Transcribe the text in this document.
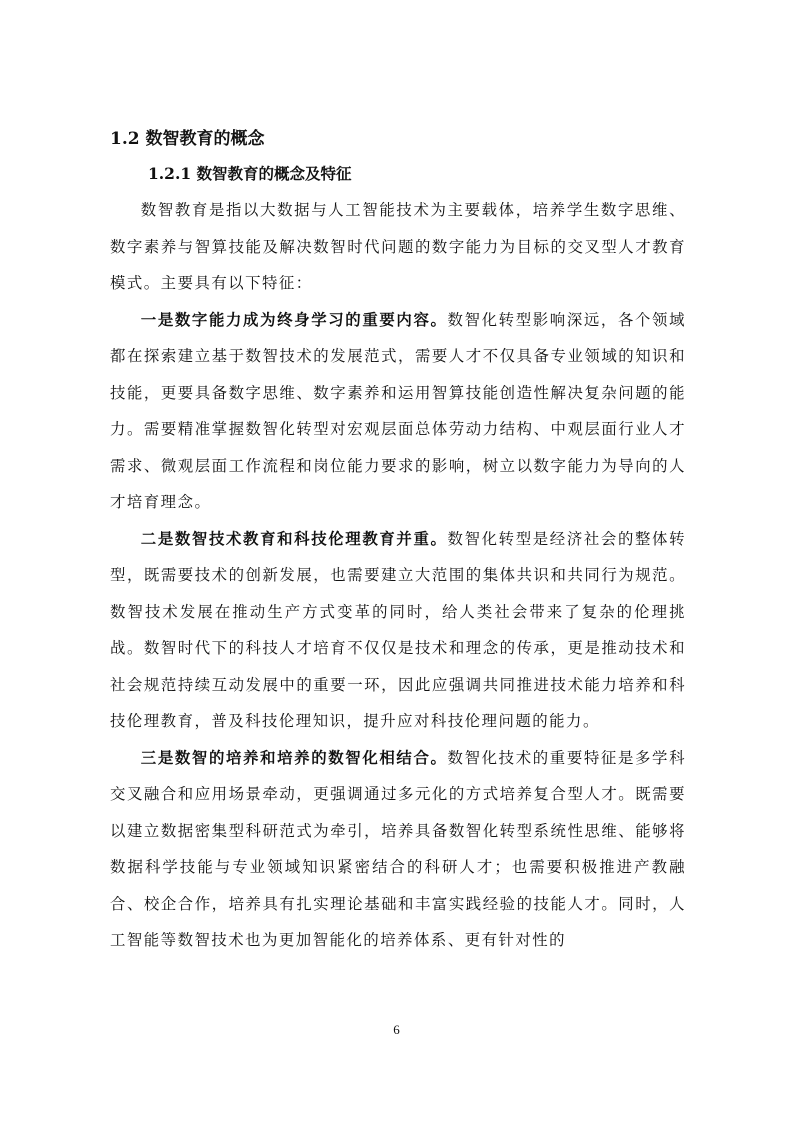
1.2 数智教育的概念
1.2.1 数智教育的概念及特征

数智教育是指以大数据与人工智能技术为主要载体，培养学生数字思维、数字素养与智算技能及解决数智时代问题的数字能力为目标的交叉型人才教育模式。主要具有以下特征：

一是数字能力成为终身学习的重要内容。数智化转型影响深远，各个领域都在探索建立基于数智技术的发展范式，需要人才不仅具备专业领域的知识和技能，更要具备数字思维、数字素养和运用智算技能创造性解决复杂问题的能力。需要精准掌握数智化转型对宏观层面总体劳动力结构、中观层面行业人才需求、微观层面工作流程和岗位能力要求的影响，树立以数字能力为导向的人才培育理念。

二是数智技术教育和科技伦理教育并重。数智化转型是经济社会的整体转型，既需要技术的创新发展，也需要建立大范围的集体共识和共同行为规范。数智技术发展在推动生产方式变革的同时，给人类社会带来了复杂的伦理挑战。数智时代下的科技人才培育不仅仅是技术和理念的传承，更是推动技术和社会规范持续互动发展中的重要一环，因此应强调共同推进技术能力培养和科技伦理教育，普及科技伦理知识，提升应对科技伦理问题的能力。

三是数智的培养和培养的数智化相结合。数智化技术的重要特征是多学科交叉融合和应用场景牵动，更强调通过多元化的方式培养复合型人才。既需要以建立数据密集型科研范式为牵引，培养具备数智化转型系统性思维、能够将数据科学技能与专业领域知识紧密结合的科研人才；也需要积极推进产教融合、校企合作，培养具有扎实理论基础和丰富实践经验的技能人才。同时，人工智能等数智技术也为更加智能化的培养体系、更有针对性的

6
